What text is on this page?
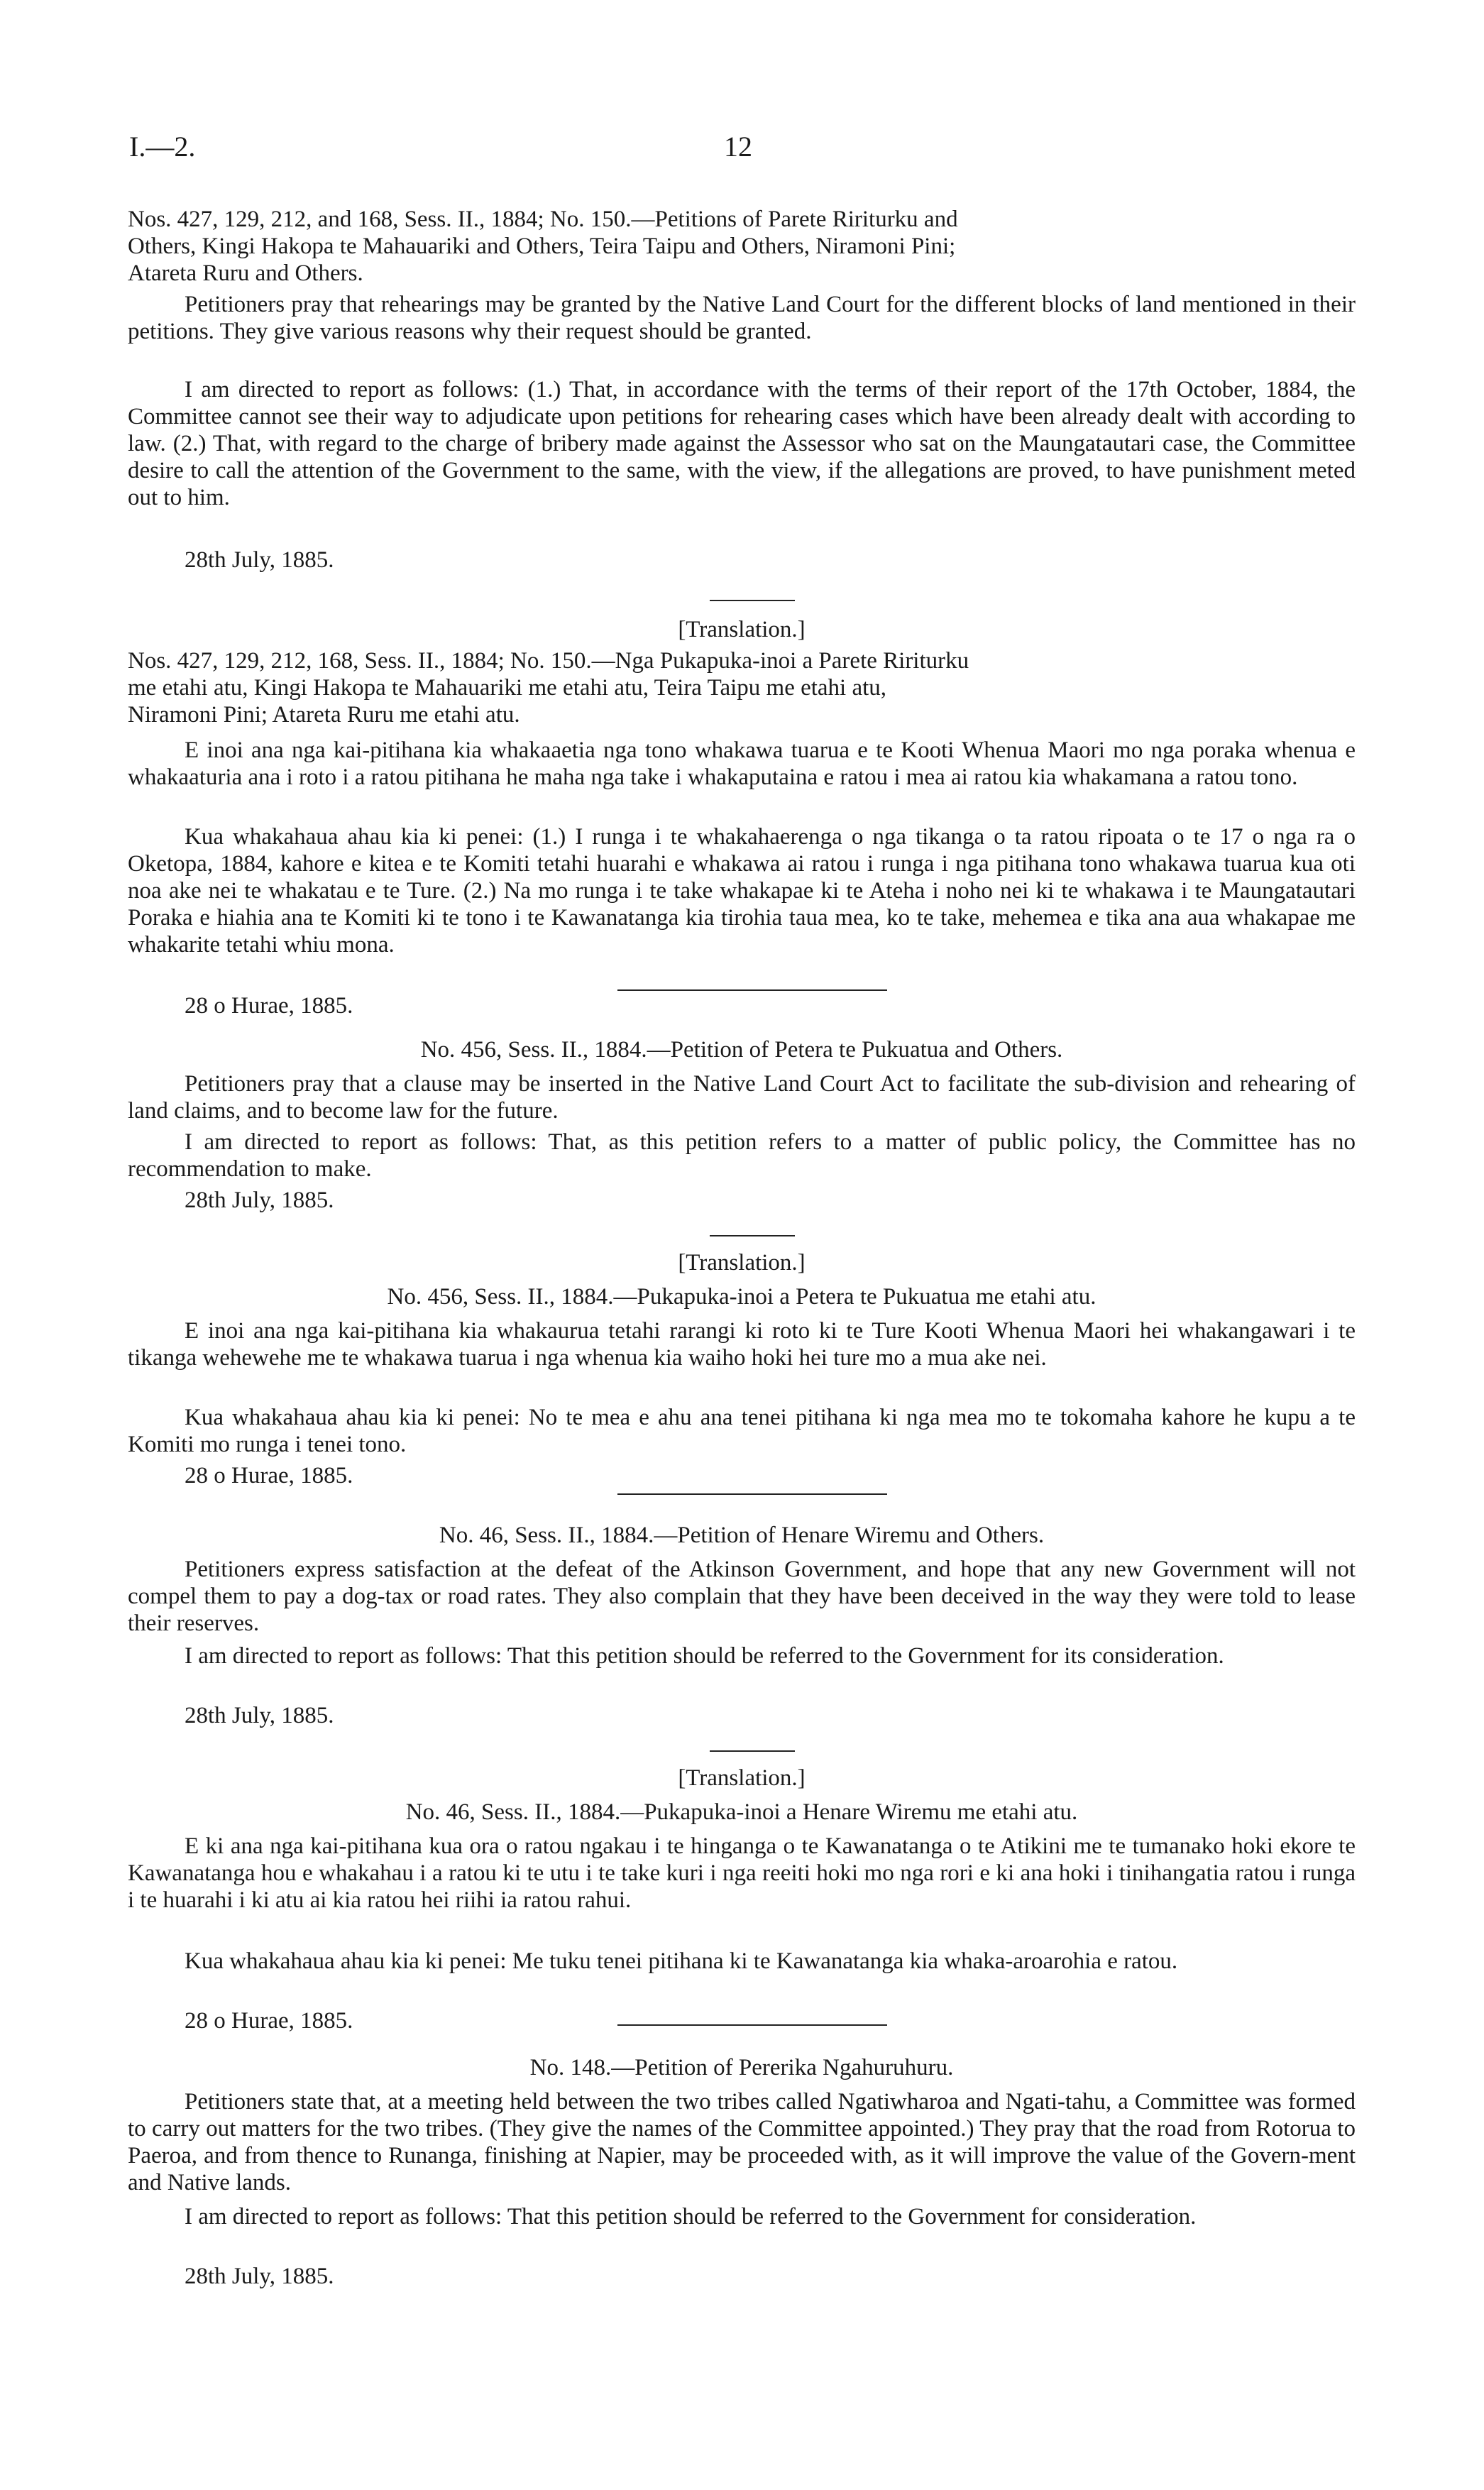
I.—2.	12
Nos. 427, 129, 212, and 168, Sess. II., 1884; No. 150.—Petitions of Parete Ririturku and
Others, Kingi Hakopa te Mahauariki and Others, Teira Taipu and Others, Niramoni Pini;
Atareta Ruru and Others.
Petitioners pray that rehearings may be granted by the Native Land Court for the different blocks of land mentioned in their petitions. They give various reasons why their request should be granted.
I am directed to report as follows: (1.) That, in accordance with the terms of their report of the 17th October, 1884, the Committee cannot see their way to adjudicate upon petitions for rehearing cases which have been already dealt with according to law. (2.) That, with regard to the charge of bribery made against the Assessor who sat on the Maungatautari case, the Committee desire to call the attention of the Government to the same, with the view, if the allegations are proved, to have punishment meted out to him.
28th July, 1885.
[Translation.]
Nos. 427, 129, 212, 168, Sess. II., 1884; No. 150.—Nga Pukapuka-inoi a Parete Ririturku
me etahi atu, Kingi Hakopa te Mahauariki me etahi atu, Teira Taipu me etahi atu,
Niramoni Pini; Atareta Ruru me etahi atu.
E inoi ana nga kai-pitihana kia whakaaetia nga tono whakawa tuarua e te Kooti Whenua Maori mo nga poraka whenua e whakaaturia ana i roto i a ratou pitihana he maha nga take i whakaputaina e ratou i mea ai ratou kia whakamana a ratou tono.
Kua whakahaua ahau kia ki penei: (1.) I runga i te whakahaerenga o nga tikanga o ta ratou ripoata o te 17 o nga ra o Oketopa, 1884, kahore e kitea e te Komiti tetahi huarahi e whakawa ai ratou i runga i nga pitihana tono whakawa tuarua kua oti noa ake nei te whakatau e te Ture. (2.) Na mo runga i te take whakapae ki te Ateha i noho nei ki te whakawa i te Maungatautari Poraka e hiahia ana te Komiti ki te tono i te Kawanatanga kia tirohia taua mea, ko te take, mehemea e tika ana aua whakapae me whakarite tetahi whiu mona.
28 o Hurae, 1885.
No. 456, Sess. II., 1884.—Petition of Petera te Pukuatua and Others.
Petitioners pray that a clause may be inserted in the Native Land Court Act to facilitate the sub-division and rehearing of land claims, and to become law for the future.
I am directed to report as follows: That, as this petition refers to a matter of public policy, the Committee has no recommendation to make.
28th July, 1885.
[Translation.]
No. 456, Sess. II., 1884.—Pukapuka-inoi a Petera te Pukuatua me etahi atu.
E inoi ana nga kai-pitihana kia whakaurua tetahi rarangi ki roto ki te Ture Kooti Whenua Maori hei whakangawari i te tikanga wehewehe me te whakawa tuarua i nga whenua kia waiho hoki hei ture mo a mua ake nei.
Kua whakahaua ahau kia ki penei: No te mea e ahu ana tenei pitihana ki nga mea mo te tokomaha kahore he kupu a te Komiti mo runga i tenei tono.
28 o Hurae, 1885.
No. 46, Sess. II., 1884.—Petition of Henare Wiremu and Others.
Petitioners express satisfaction at the defeat of the Atkinson Government, and hope that any new Government will not compel them to pay a dog-tax or road rates. They also complain that they have been deceived in the way they were told to lease their reserves.
I am directed to report as follows: That this petition should be referred to the Government for its consideration.
28th July, 1885.
[Translation.]
No. 46, Sess. II., 1884.—Pukapuka-inoi a Henare Wiremu me etahi atu.
E ki ana nga kai-pitihana kua ora o ratou ngakau i te hinganga o te Kawanatanga o te Atikini me te tumanako hoki ekore te Kawanatanga hou e whakahau i a ratou ki te utu i te take kuri i nga reeiti hoki mo nga rori e ki ana hoki i tinihangatia ratou i runga i te huarahi i ki atu ai kia ratou hei riihi ia ratou rahui.
Kua whakahaua ahau kia ki penei: Me tuku tenei pitihana ki te Kawanatanga kia whaka-aroarohia e ratou.
28 o Hurae, 1885.
No. 148.—Petition of Pererika Ngahuruhuru.
Petitioners state that, at a meeting held between the two tribes called Ngatiwharoa and Ngati-tahu, a Committee was formed to carry out matters for the two tribes. (They give the names of the Committee appointed.) They pray that the road from Rotorua to Paeroa, and from thence to Runanga, finishing at Napier, may be proceeded with, as it will improve the value of the Govern-ment and Native lands.
I am directed to report as follows: That this petition should be referred to the Government for consideration.
28th July, 1885.
